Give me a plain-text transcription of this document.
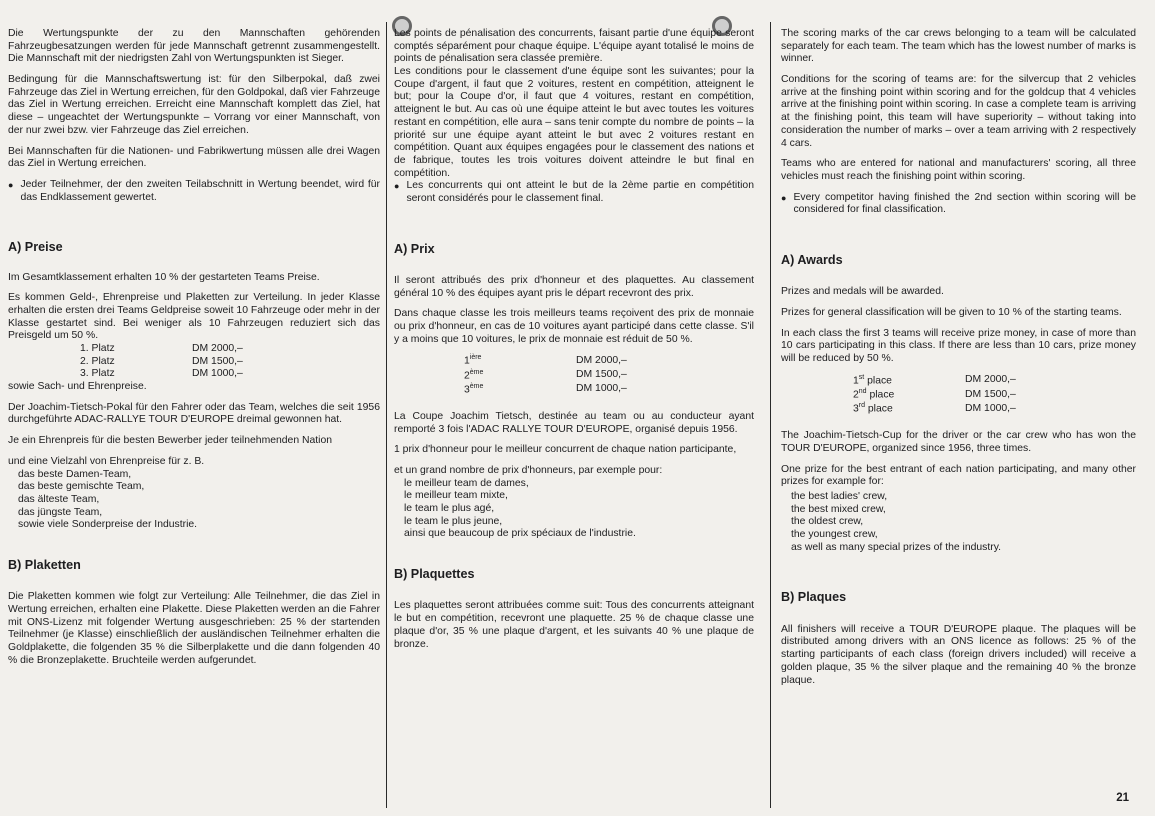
Die Wertungspunkte der zu den Mannschaften gehörenden Fahrzeugbesatzungen werden für jede Mannschaft getrennt zusammengestellt. Die Mannschaft mit der niedrigsten Zahl von Wertungspunkten ist Sieger.

Bedingung für die Mannschaftswertung ist: für den Silberpokal, daß zwei Fahrzeuge das Ziel in Wertung erreichen, für den Goldpokal, daß vier Fahrzeuge das Ziel in Wertung erreichen. Erreicht eine Mannschaft komplett das Ziel, hat diese – ungeachtet der Wertungspunkte – Vorrang vor einer Mannschaft, von der nur zwei bzw. vier Fahrzeuge das Ziel erreichen.

Bei Mannschaften für die Nationen- und Fabrikwertung müssen alle drei Wagen das Ziel in Wertung erreichen.

● Jeder Teilnehmer, der den zweiten Teilabschnitt in Wertung beendet, wird für das Endklassement gewertet.

A) Preise

Im Gesamtklassement erhalten 10 % der gestarteten Teams Preise.

Es kommen Geld-, Ehrenpreise und Plaketten zur Verteilung. In jeder Klasse erhalten die ersten drei Teams Geldpreise soweit 10 Fahrzeuge oder mehr in der Klasse gestartet sind. Bei weniger als 10 Fahrzeugen reduziert sich das Preisgeld um 50 %.

1. Platz	DM 2000,–
2. Platz	DM 1500,–
3. Platz	DM 1000,–

sowie Sach- und Ehrenpreise.

Der Joachim-Tietsch-Pokal für den Fahrer oder das Team, welches die seit 1956 durchgeführte ADAC-RALLYE TOUR D'EUROPE dreimal gewonnen hat.

Je ein Ehrenpreis für die besten Bewerber jeder teilnehmenden Nation

und eine Vielzahl von Ehrenpreise für z. B.

das beste Damen-Team,
das beste gemischte Team,
das älteste Team,
das jüngste Team,
sowie viele Sonderpreise der Industrie.
B) Plaketten

Die Plaketten kommen wie folgt zur Verteilung: Alle Teilnehmer, die das Ziel in Wertung erreichen, erhalten eine Plakette. Diese Plaketten werden an die Fahrer mit ONS-Lizenz mit folgender Wertung ausgeschrieben: 25 % der startenden Teilnehmer (je Klasse) einschließlich der ausländischen Teilnehmer erhalten die Goldplakette, die folgenden 35 % die Silberplakette und die dann folgenden 40 % die Bronzeplakette. Bruchteile werden aufgerundet.

Les points de pénalisation des concurrents, faisant partie d'une équipe seront comptés séparément pour chaque équipe. L'équipe ayant totalisé le moins de points de pénalisation sera classée première.

Les conditions pour le classement d'une équipe sont les suivantes; pour la Coupe d'argent, il faut que 2 voitures, restent en compétition, atteignent le but; pour la Coupe d'or, il faut que 4 voitures, restant en compétition, atteignent le but. Au cas où une équipe atteint le but avec toutes les voitures restant en compétition, elle aura – sans tenir compte du nombre de points – la priorité sur une équipe ayant atteint le but avec 2 voitures restant en compétition. Quant aux équipes engagées pour le classement des nations et de fabrique, toutes les trois voitures doivent atteindre le but final en compétition.

● Les concurrents qui ont atteint le but de la 2ème partie en compétition seront considérés pour le classement final.

A) Prix

Il seront attribués des prix d'honneur et des plaquettes. Au classement général 10 % des équipes ayant pris le départ recevront des prix.

Dans chaque classe les trois meilleurs teams reçoivent des prix de monnaie ou prix d'honneur, en cas de 10 voitures ayant participé dans cette classe. S'il y a moins que 10 voitures, le prix de monnaie est réduit de 50 %.

$1^{ière}$	DM 2000,–
2ème	DM 1500,–
3ème	DM 1000,–

La Coupe Joachim Tietsch, destinée au team ou au conducteur ayant remporté 3 fois l'ADAC RALLYE TOUR D'EUROPE, organisé depuis 1956.

1 prix d'honneur pour le meilleur concurrent de chaque nation participante,

et un grand nombre de prix d'honneurs, par exemple pour:

le meilleur team de dames,
le meilleur team mixte,
le team le plus agé,
le team le plus jeune,
ainsi que beaucoup de prix spéciaux de l'industrie.
B) Plaquettes

Les plaquettes seront attribuées comme suit: Tous des concurrents atteignant le but en compétition, recevront une plaquette. 25 % de chaque classe une plaque d'or, 35 % une plaque d'argent, et les suivants 40 % une plaque de bronze.

The scoring marks of the car crews belonging to a team will be calculated separately for each team. The team which has the lowest number of marks is winner.

Conditions for the scoring of teams are: for the silvercup that 2 vehicles arrive at the finshing point within scoring and for the goldcup that 4 vehicles arrive at the finishing point within scoring. In case a complete team is arriving at the finishing point, this team will have superiority – without taking into consideration the number of marks – over a team arriving with 2 respectively 4 cars.

Teams who are entered for national and manufacturers' scoring, all three vehicles must reach the finishing point within scoring.

● Every competitor having finished the 2nd section within scoring will be considered for final classification.

A) Awards

Prizes and medals will be awarded.

Prizes for general classification will be given to 10 % of the starting teams.

In each class the first 3 teams will receive prize money, in case of more than 10 cars participating in this class. If there are less than 10 cars, prize money will be reduced by 50 %.

1st place	DM 2000,–
2nd place	DM 1500,–
3rd place	DM 1000,–

The Joachim-Tietsch-Cup for the driver or the car crew who has won the TOUR D'EUROPE, organized since 1956, three times.

One prize for the best entrant of each nation participating, and many other prizes for example for:

the best ladies' crew,
the best mixed crew,
the oldest crew,
the youngest crew,
as well as many special prizes of the industry.
B) Plaques

All finishers will receive a TOUR D'EUROPE plaque. The plaques will be distributed among drivers with an ONS licence as follows: 25 % of the starting participants of each class (foreign drivers included) will receive a golden plaque, 35 % the silver plaque and the remaining 40 % the bronze plaque.

21
